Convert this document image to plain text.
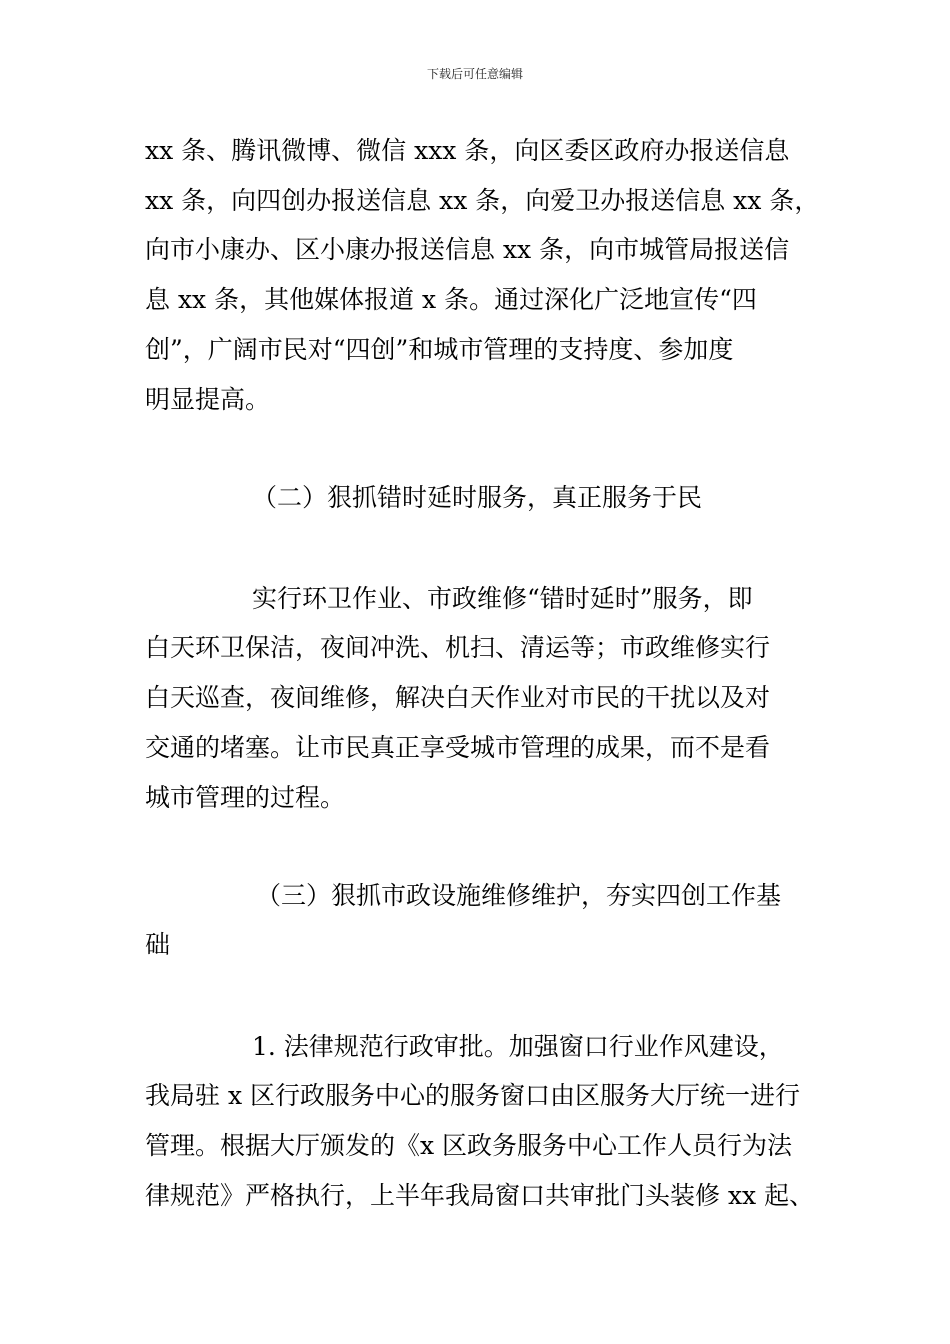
下载后可任意编辑
xx 条、腾讯微博、微信 xxx 条，向区委区政府办报送信息
xx 条，向四创办报送信息 xx 条，向爱卫办报送信息 xx 条，
向市小康办、区小康办报送信息 xx 条，向市城管局报送信
息 xx 条，其他媒体报道 x 条。通过深化广泛地宣传“四
创”，广阔市民对“四创”和城市管理的支持度、参加度
明显提高。
（二）狠抓错时延时服务，真正服务于民
实行环卫作业、市政维修“错时延时”服务，即
白天环卫保洁，夜间冲洗、机扫、清运等；市政维修实行
白天巡查，夜间维修，解决白天作业对市民的干扰以及对
交通的堵塞。让市民真正享受城市管理的成果，而不是看
城市管理的过程。
（三）狠抓市政设施维修维护，夯实四创工作基
础
1. 法律规范行政审批。加强窗口行业作风建设，
我局驻 x 区行政服务中心的服务窗口由区服务大厅统一进行
管理。根据大厅颁发的《x 区政务服务中心工作人员行为法
律规范》严格执行，上半年我局窗口共审批门头装修 xx 起、
